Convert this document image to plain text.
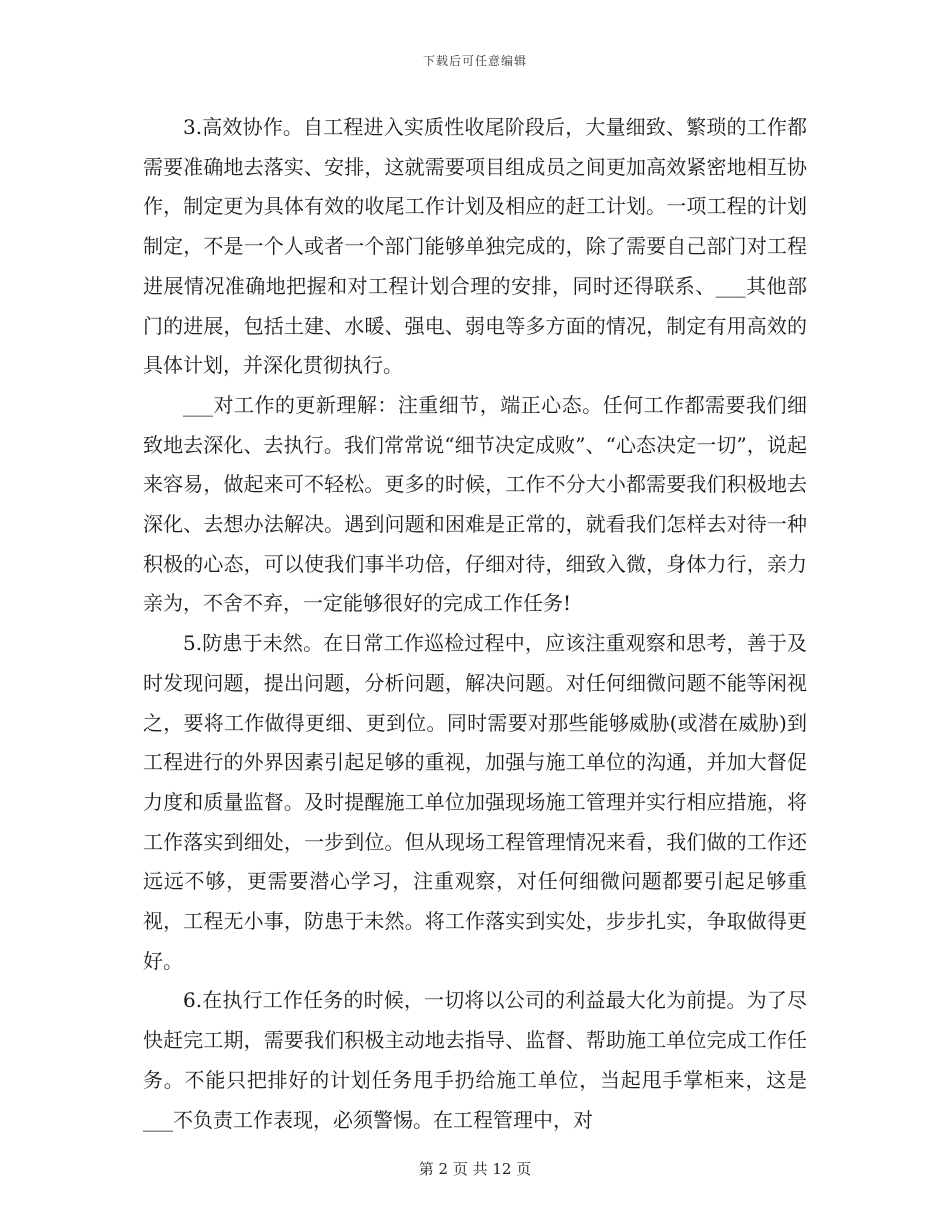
下载后可任意编辑

3.高效协作。自工程进入实质性收尾阶段后，大量细致、繁琐的工作都需要准确地去落实、安排，这就需要项目组成员之间更加高效紧密地相互协作，制定更为具体有效的收尾工作计划及相应的赶工计划。一项工程的计划制定，不是一个人或者一个部门能够单独完成的，除了需要自己部门对工程进展情况准确地把握和对工程计划合理的安排，同时还得联系、___其他部门的进展，包括土建、水暖、强电、弱电等多方面的情况，制定有用高效的具体计划，并深化贯彻执行。

___对工作的更新理解：注重细节，端正心态。任何工作都需要我们细致地去深化、去执行。我们常常说“细节决定成败”、“心态决定一切”，说起来容易，做起来可不轻松。更多的时候，工作不分大小都需要我们积极地去深化、去想办法解决。遇到问题和困难是正常的，就看我们怎样去对待一种积极的心态，可以使我们事半功倍，仔细对待，细致入微，身体力行，亲力亲为，不舍不弃，一定能够很好的完成工作任务!

5.防患于未然。在日常工作巡检过程中，应该注重观察和思考，善于及时发现问题，提出问题，分析问题，解决问题。对任何细微问题不能等闲视之，要将工作做得更细、更到位。同时需要对那些能够威胁(或潜在威胁)到工程进行的外界因素引起足够的重视，加强与施工单位的沟通，并加大督促力度和质量监督。及时提醒施工单位加强现场施工管理并实行相应措施，将工作落实到细处，一步到位。但从现场工程管理情况来看，我们做的工作还远远不够，更需要潜心学习，注重观察，对任何细微问题都要引起足够重视，工程无小事，防患于未然。将工作落实到实处，步步扎实，争取做得更好。

6.在执行工作任务的时候，一切将以公司的利益最大化为前提。为了尽快赶完工期，需要我们积极主动地去指导、监督、帮助施工单位完成工作任务。不能只把排好的计划任务甩手扔给施工单位，当起甩手掌柜来，这是___不负责工作表现，必须警惕。在工程管理中，对

第 2 页 共 12 页
